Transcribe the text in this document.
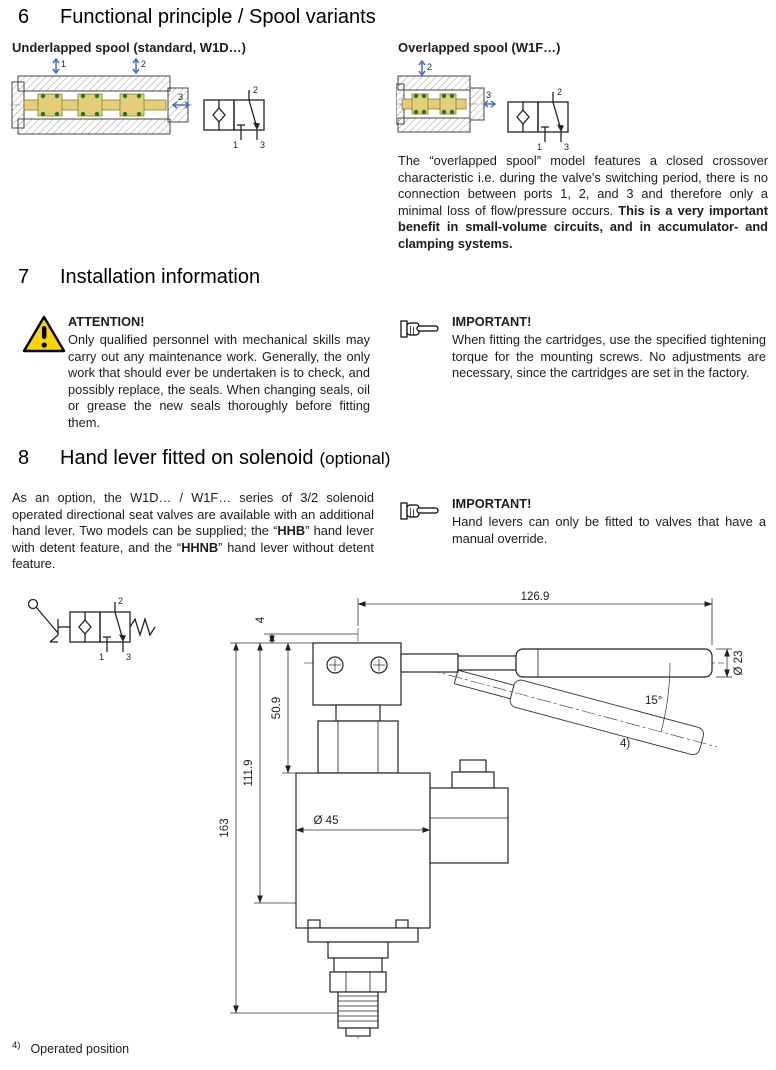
6	Functional principle / Spool variants

Underlapped spool (standard, W1D…)	Overlapped spool (W1F…)

1	2
3
2
1 3
2
3	2
1 3

The “overlapped spool” model features a closed crossover characteristic i.e. during the valve's switching period, there is no connection between ports 1, 2, and 3 and therefore only a minimal loss of flow/pressure occurs. This is a very important benefit in small-volume circuits, and in accumulator- and clamping systems.

7	Installation information

ATTENTION!

Only qualified personnel with mechanical skills may carry out any maintenance work. Generally, the only work that should ever be undertaken is to check, and possibly replace, the seals. When changing seals, oil or grease the new seals thoroughly before fitting them.

IMPORTANT!

When fitting the cartridges, use the specified tightening torque for the mounting screws. No adjustments are necessary, since the cartridges are set in the factory.

8	Hand lever fitted on solenoid (optional)

As an option, the W1D… / W1F… series of 3/2 solenoid operated directional seat valves are available with an additional hand lever. Two models can be supplied; the “HHB” hand lever with detent feature, and the “HHNB” hand lever without detent feature.

IMPORTANT!

Hand levers can only be fitted to valves that have a manual override.

2
1 3
126.9
4
50.9
111.9
163	Ø 45
Ø 23
15°
4)

$^{4)}$ Operated position
